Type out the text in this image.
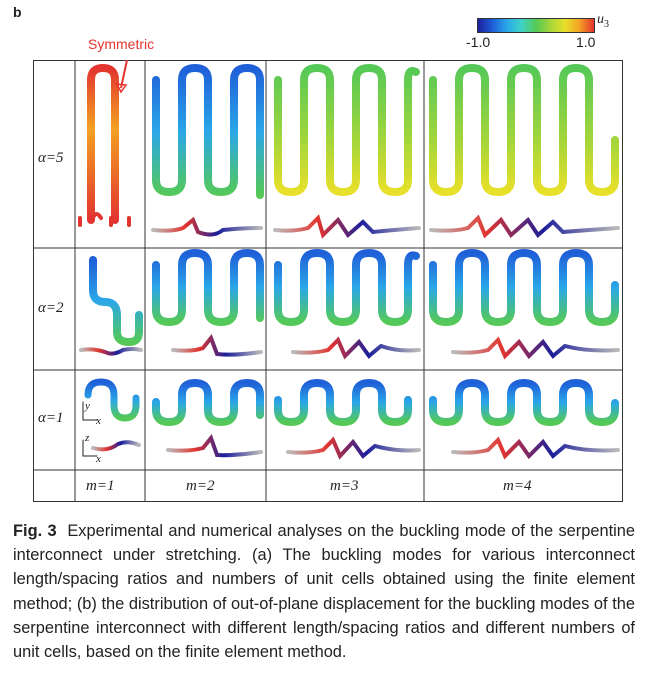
b	$u_3$
-1.0	1.0
Symmetric
α=5
α=2
α=1
y
x
z
x
m=1	m=2	m=3	m=4
Fig. 3 Experimental and numerical analyses on the buckling mode of the serpentine interconnect under stretching. (a) The buckling modes for various interconnect length/spacing ratios and numbers of unit cells obtained using the finite element method; (b) the distribution of out-of-plane displacement for the buckling modes of the serpentine interconnect with different length/spacing ratios and different numbers of unit cells, based on the finite element method.
